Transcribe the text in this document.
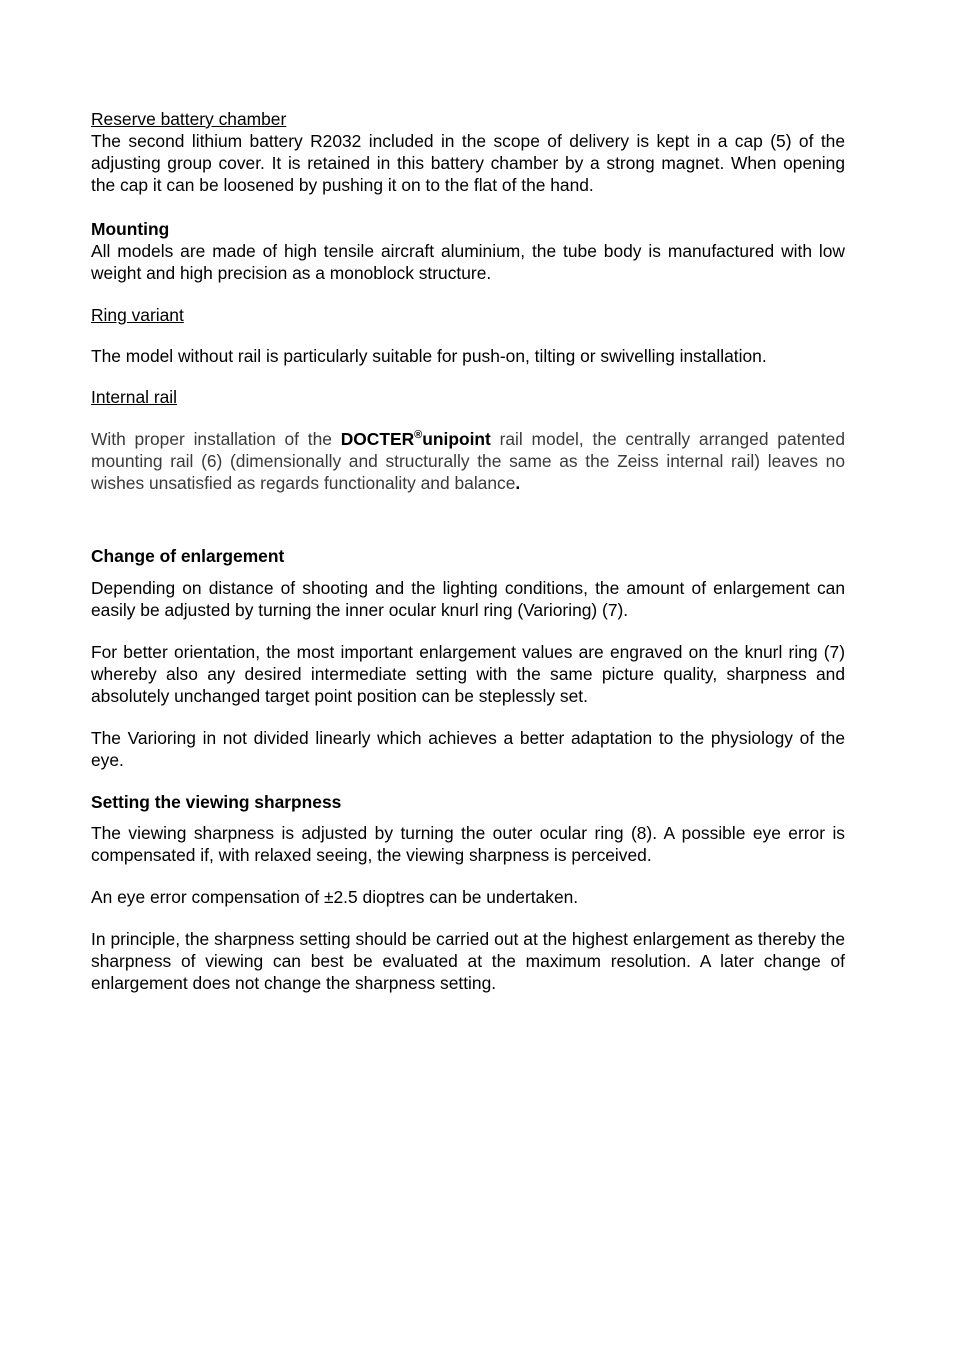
Reserve battery chamber

The second lithium battery R2032 included in the scope of delivery is kept in a cap (5) of the adjusting group cover. It is retained in this battery chamber by a strong magnet. When opening the cap it can be loosened by pushing it on to the flat of the hand.

Mounting

All models are made of high tensile aircraft aluminium, the tube body is manufactured with low weight and high precision as a monoblock structure.

Ring variant

The model without rail is particularly suitable for push-on, tilting or swivelling installation.

Internal rail

With proper installation of the DOCTER®unipoint rail model, the centrally arranged patented mounting rail (6) (dimensionally and structurally the same as the Zeiss internal rail) leaves no wishes unsatisfied as regards functionality and balance.

Change of enlargement

Depending on distance of shooting and the lighting conditions, the amount of enlargement can easily be adjusted by turning the inner ocular knurl ring (Varioring) (7).

For better orientation, the most important enlargement values are engraved on the knurl ring (7) whereby also any desired intermediate setting with the same picture quality, sharpness and absolutely unchanged target point position can be steplessly set.

The Varioring in not divided linearly which achieves a better adaptation to the physiology of the eye.

Setting the viewing sharpness

The viewing sharpness is adjusted by turning the outer ocular ring (8). A possible eye error is compensated if, with relaxed seeing, the viewing sharpness is perceived.

An eye error compensation of ±2.5 dioptres can be undertaken.

In principle, the sharpness setting should be carried out at the highest enlargement as thereby the sharpness of viewing can best be evaluated at the maximum resolution. A later change of enlargement does not change the sharpness setting.
